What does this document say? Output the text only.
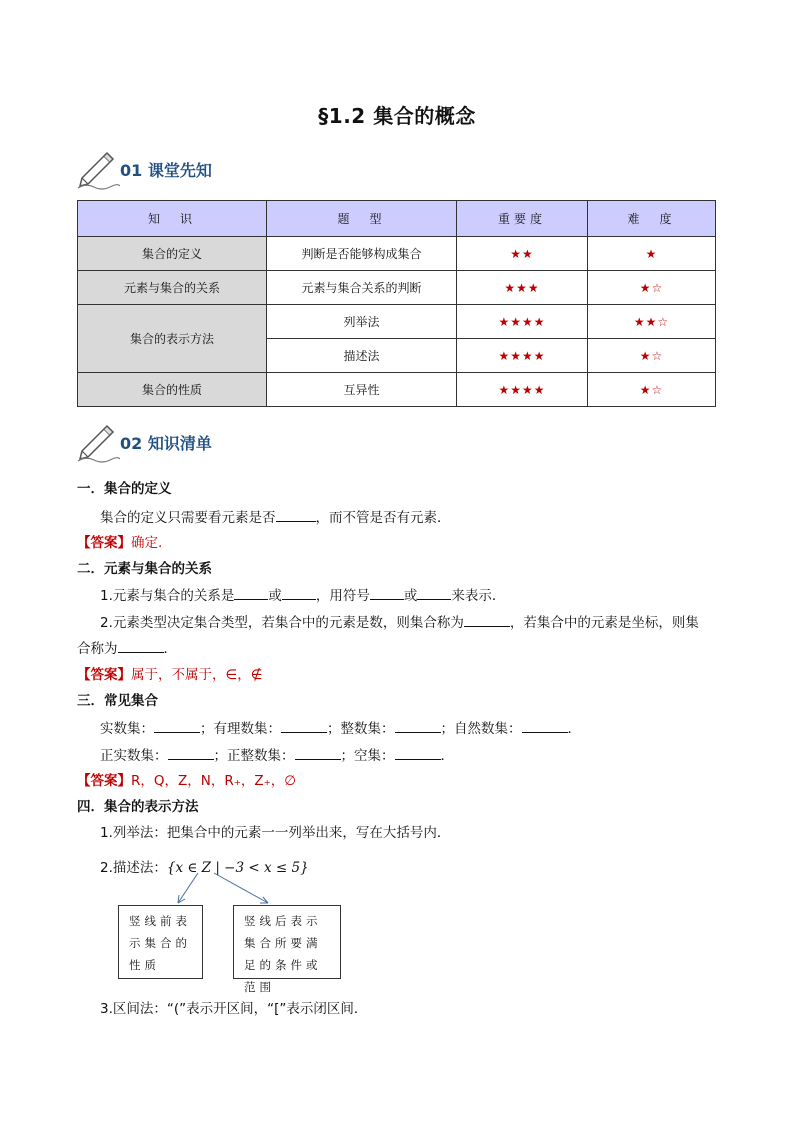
§1.2 集合的概念
01 课堂先知
知　识	题　型	重要度	难　度
集合的定义	判断是否能够构成集合	★★	★
元素与集合的关系	元素与集合关系的判断	★★★	★☆
集合的表示方法	列举法	★★★★	★★☆
	描述法	★★★★	★☆
集合的性质	互异性	★★★★	★☆
02 知识清单
一．集合的定义
集合的定义只需要看元素是否	，而不管是否有元素．
【答案】确定.
二．元素与集合的关系
1.元素与集合的关系是	或	，用符号	或	来表示．
2.元素类型决定集合类型，若集合中的元素是数，则集合称为	，若集合中的元素是坐标，则集
合称为	．
【答案】属于，不属于，∈，∉
三．常见集合
实数集：	；有理数集：	；整数集：	；自然数集：	．
正实数集：	；正整数集：	；空集：	．
【答案】R，Q，Z，N，R₊，Z₊，∅
四．集合的表示方法
1.列举法：把集合中的元素一一列举出来，写在大括号内．
2.描述法：{x ∈ Z | −3 < x ≤ 5}
竖线前表示集合的性质
竖线后表示集合所要满足的条件或范围
3.区间法：“(”表示开区间，“[”表示闭区间．
